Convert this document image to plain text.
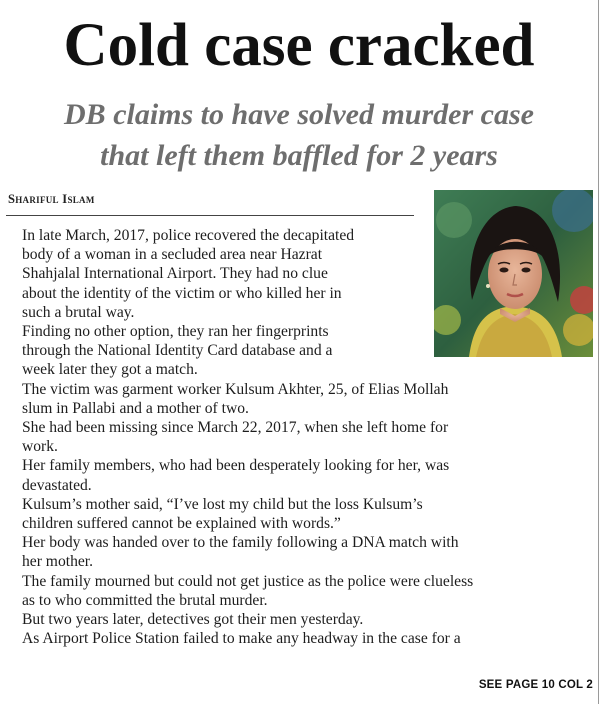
Cold case cracked
DB claims to have solved murder case
that left them baffled for 2 years
Shariful Islam

In late March, 2017, police recovered the decapitated
body of a woman in a secluded area near Hazrat
Shahjalal International Airport. They had no clue
about the identity of the victim or who killed her in
such a brutal way.

Finding no other option, they ran her fingerprints
through the National Identity Card database and a
week later they got a match.

The victim was garment worker Kulsum Akhter, 25, of Elias Mollah
slum in Pallabi and a mother of two.

She had been missing since March 22, 2017, when she left home for
work.

Her family members, who had been desperately looking for her, was
devastated.

Kulsum’s mother said, “I’ve lost my child but the loss Kulsum’s
children suffered cannot be explained with words.”

Her body was handed over to the family following a DNA match with
her mother.

The family mourned but could not get justice as the police were clueless
as to who committed the brutal murder.

But two years later, detectives got their men yesterday.

As Airport Police Station failed to make any headway in the case for a

SEE PAGE 10 COL 2
